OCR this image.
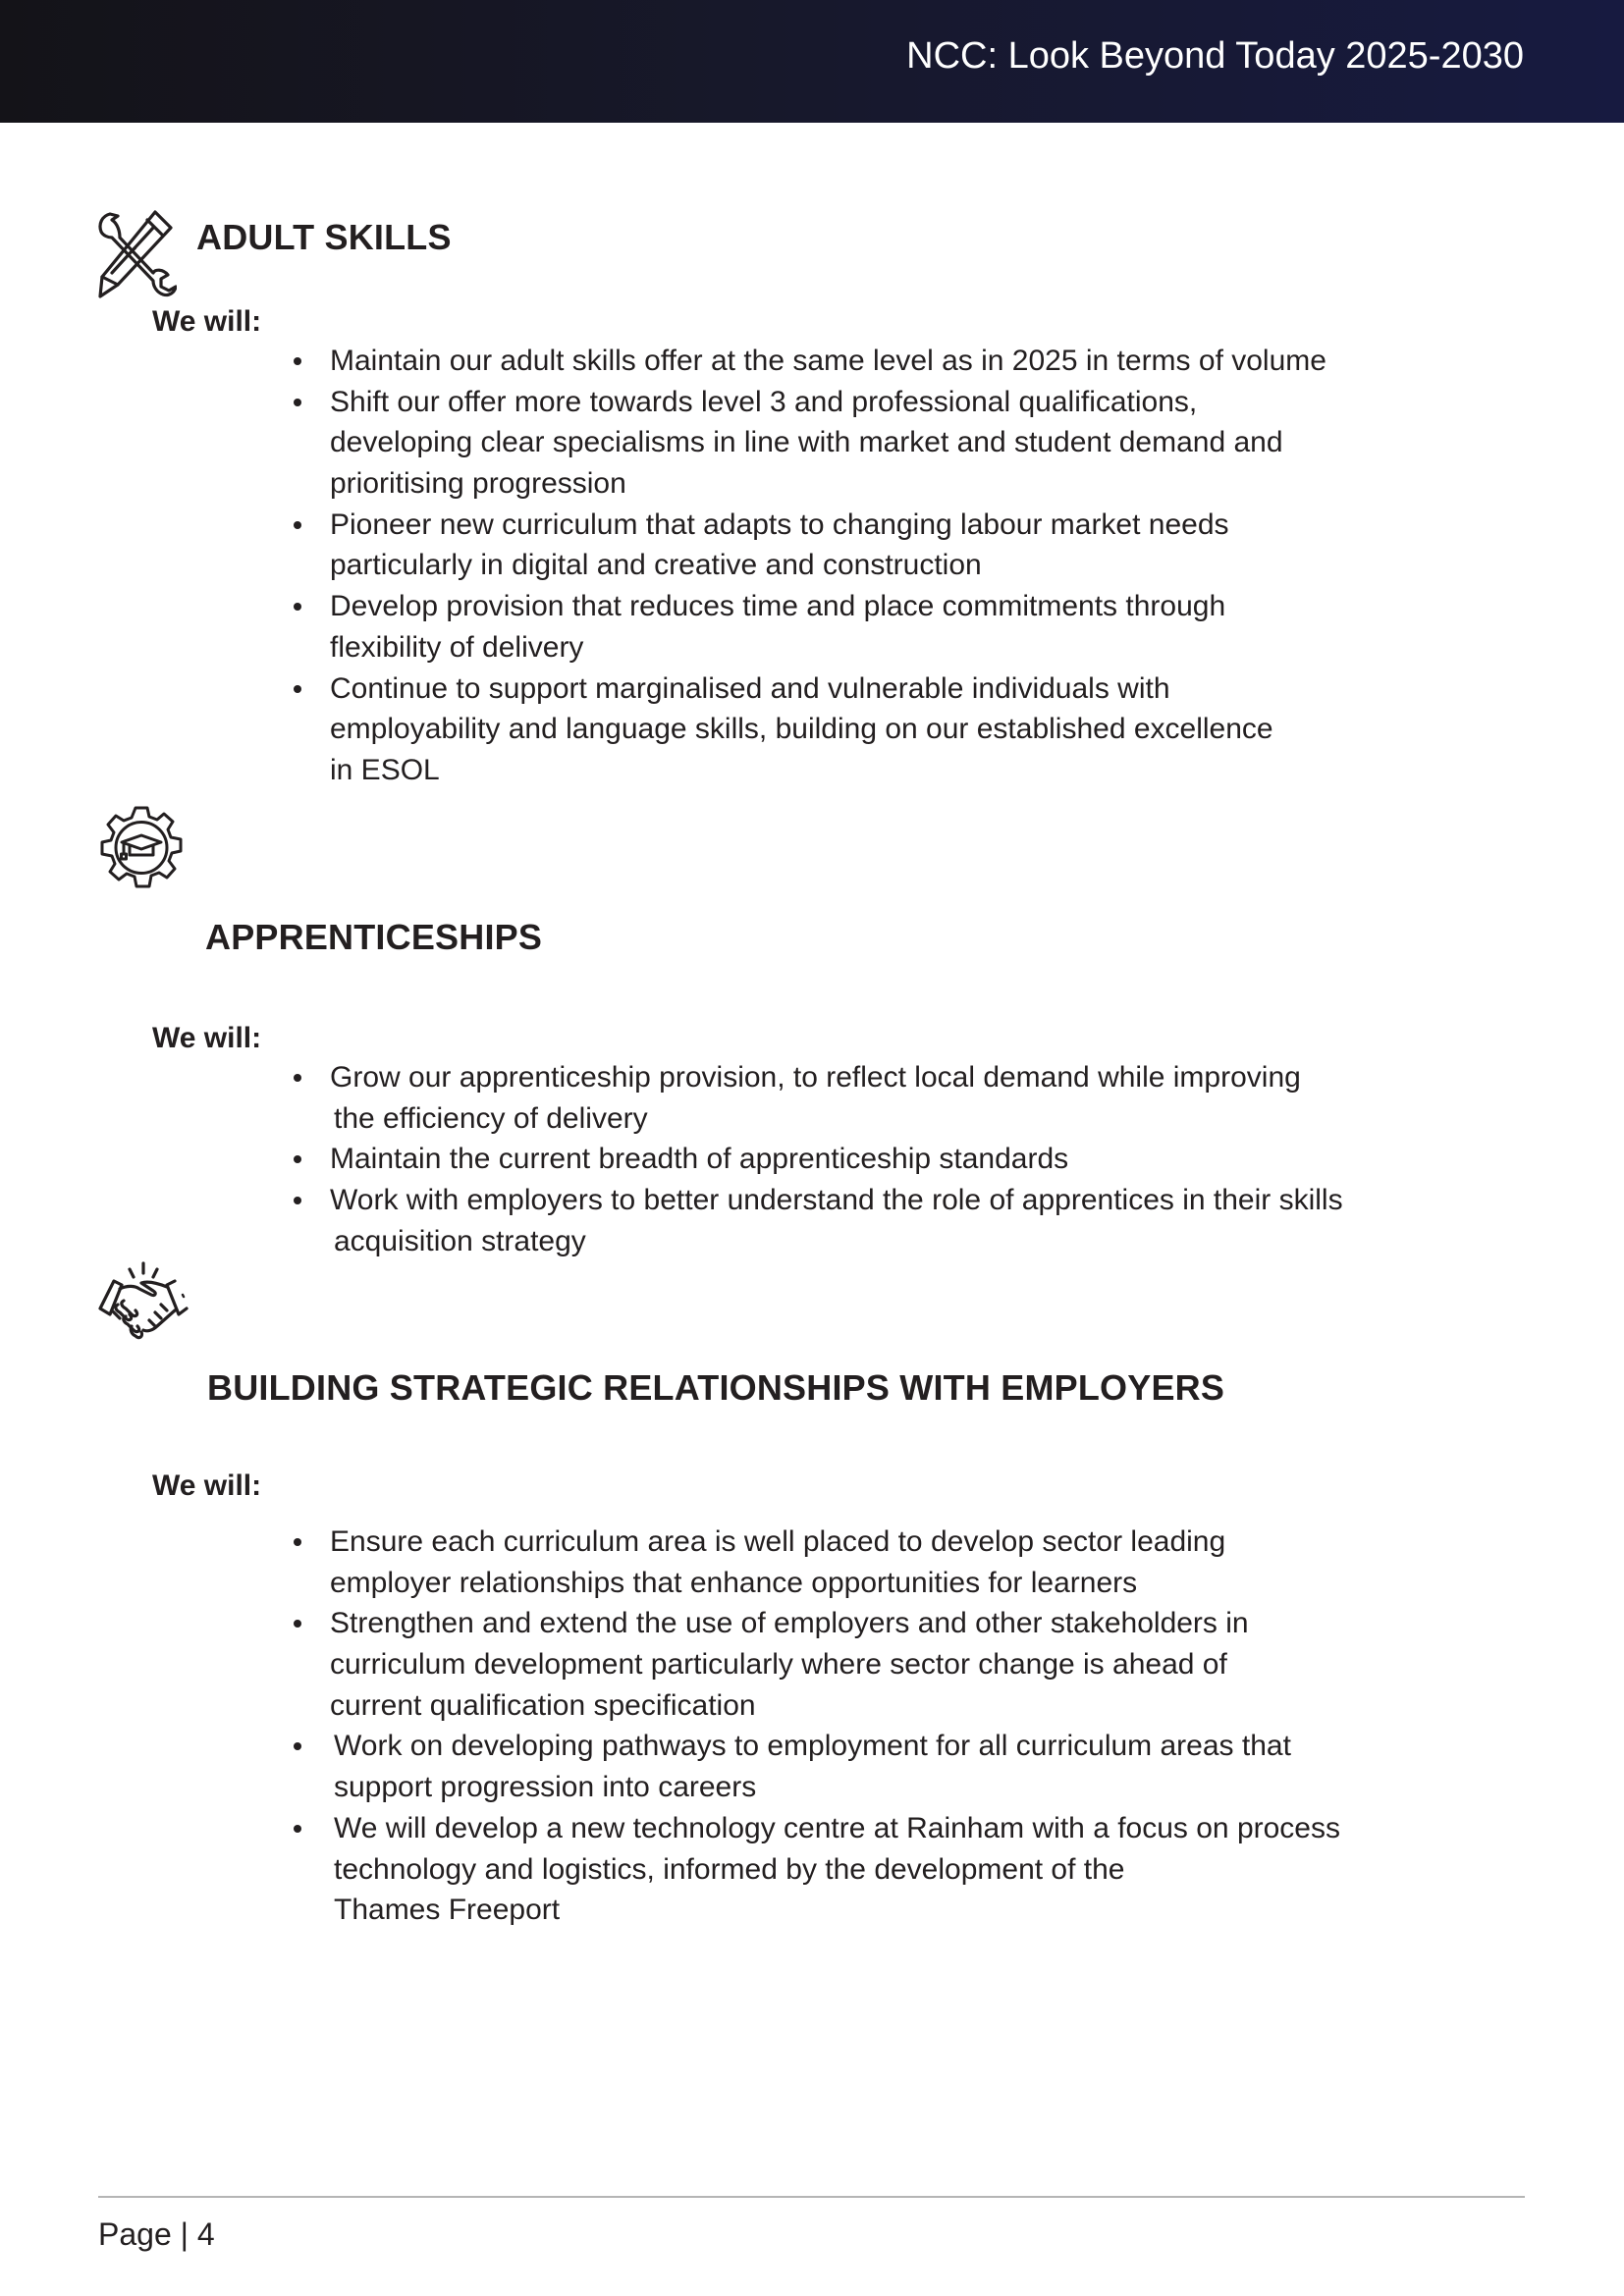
NCC: Look Beyond Today 2025-2030
ADULT SKILLS
We will:
Maintain our adult skills offer at the same level as in 2025 in terms of volume
Shift our offer more towards level 3 and professional qualifications,
developing clear specialisms in line with market and student demand and
prioritising progression
Pioneer new curriculum that adapts to changing labour market needs
particularly in digital and creative and construction
Develop provision that reduces time and place commitments through
flexibility of delivery
Continue to support marginalised and vulnerable individuals with
employability and language skills, building on our established excellence
in ESOL
APPRENTICESHIPS
We will:
Grow our apprenticeship provision, to reflect local demand while improving
the efficiency of delivery
Maintain the current breadth of apprenticeship standards
Work with employers to better understand the role of apprentices in their skills
acquisition strategy
BUILDING STRATEGIC RELATIONSHIPS WITH EMPLOYERS
We will:
Ensure each curriculum area is well placed to develop sector leading
employer relationships that enhance opportunities for learners
Strengthen and extend the use of employers and other stakeholders in
curriculum development particularly where sector change is ahead of
current qualification specification
Work on developing pathways to employment for all curriculum areas that
support progression into careers
We will develop a new technology centre at Rainham with a focus on process
technology and logistics, informed by the development of the
Thames Freeport
Page | 4
